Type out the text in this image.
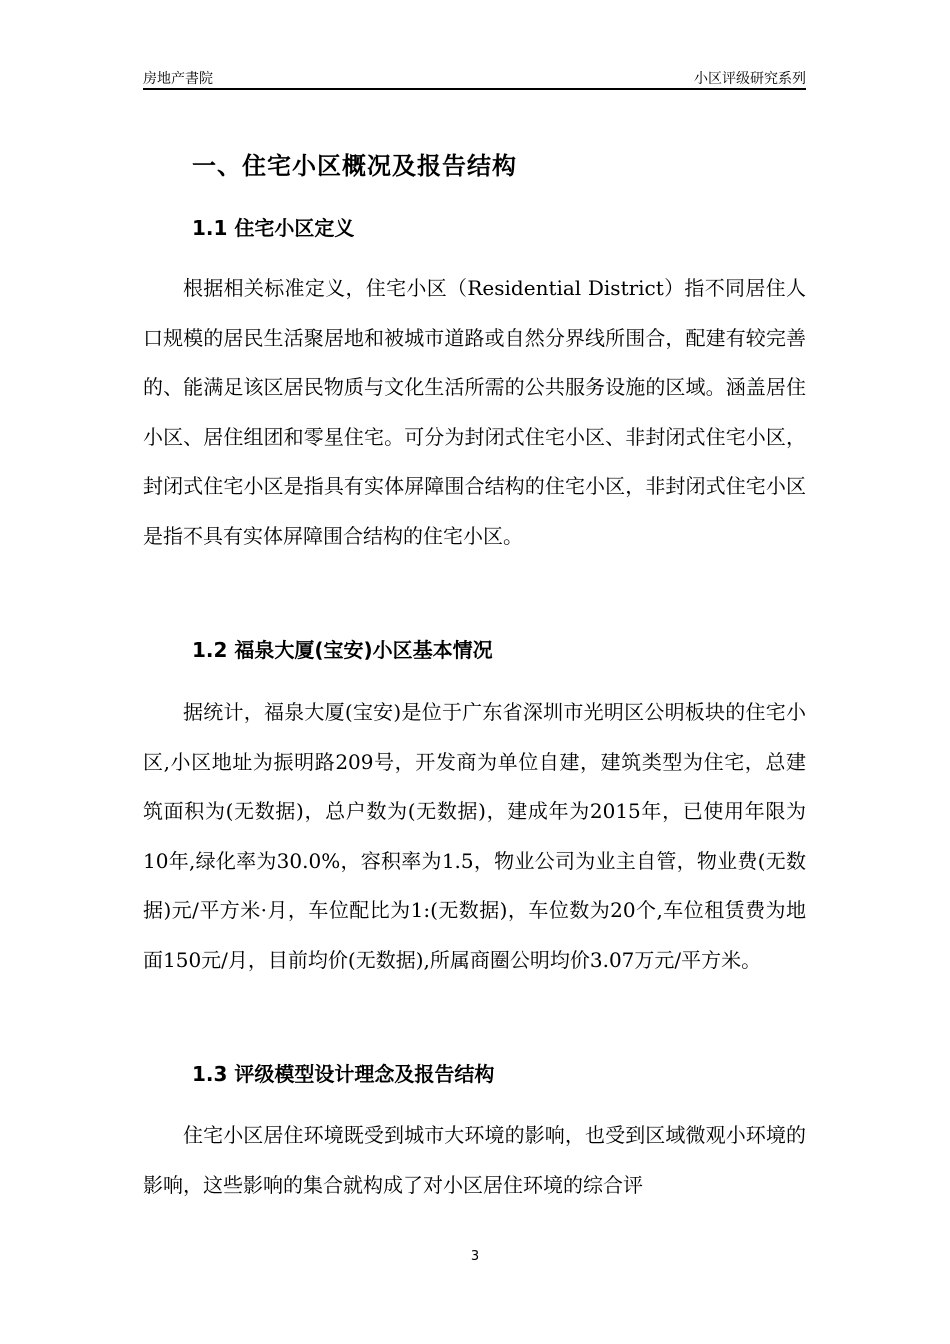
房地产書院	小区评级研究系列
一、住宅小区概况及报告结构
1.1 住宅小区定义
根据相关标准定义，住宅小区（Residential District）指不同居住人口规模的居民生活聚居地和被城市道路或自然分界线所围合，配建有较完善的、能满足该区居民物质与文化生活所需的公共服务设施的区域。涵盖居住小区、居住组团和零星住宅。可分为封闭式住宅小区、非封闭式住宅小区，封闭式住宅小区是指具有实体屏障围合结构的住宅小区，非封闭式住宅小区是指不具有实体屏障围合结构的住宅小区。
1.2 福泉大厦(宝安)小区基本情况
据统计，福泉大厦(宝安)是位于广东省深圳市光明区公明板块的住宅小区,小区地址为振明路209号，开发商为单位自建，建筑类型为住宅，总建筑面积为(无数据)，总户数为(无数据)，建成年为2015年，已使用年限为10年,绿化率为30.0%，容积率为1.5，物业公司为业主自管，物业费(无数据)元/平方米·月，车位配比为1:(无数据)，车位数为20个,车位租赁费为地面150元/月，目前均价(无数据),所属商圈公明均价3.07万元/平方米。
1.3 评级模型设计理念及报告结构
住宅小区居住环境既受到城市大环境的影响，也受到区域微观小环境的影响，这些影响的集合就构成了对小区居住环境的综合评
3
